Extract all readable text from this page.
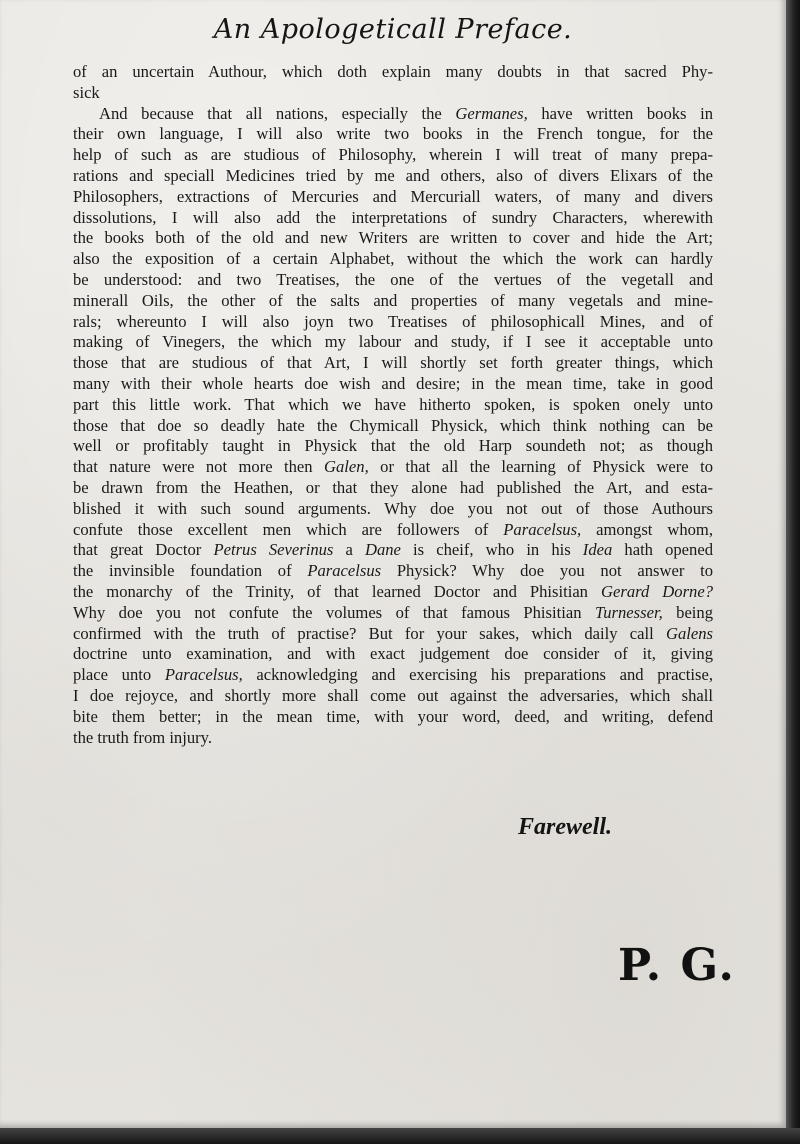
An Apologeticall Preface.
of an uncertain Authour, which doth explain many doubts in that sacred Phy-
sick
And because that all nations, especially the Germanes, have written books in
their own language, I will also write two books in the French tongue, for the
help of such as are studious of Philosophy, wherein I will treat of many prepa-
rations and speciall Medicines tried by me and others, also of divers Elixars of the
Philosophers, extractions of Mercuries and Mercuriall waters, of many and divers
dissolutions, I will also add the interpretations of sundry Characters, wherewith
the books both of the old and new Writers are written to cover and hide the Art;
also the exposition of a certain Alphabet, without the which the work can hardly
be understood: and two Treatises, the one of the vertues of the vegetall and
minerall Oils, the other of the salts and properties of many vegetals and mine-
rals; whereunto I will also joyn two Treatises of philosophicall Mines, and of
making of Vinegers, the which my labour and study, if I see it acceptable unto
those that are studious of that Art, I will shortly set forth greater things, which
many with their whole hearts doe wish and desire; in the mean time, take in good
part this little work. That which we have hitherto spoken, is spoken onely unto
those that doe so deadly hate the Chymicall Physick, which think nothing can be
well or profitably taught in Physick that the old Harp soundeth not; as though
that nature were not more then Galen, or that all the learning of Physick were to
be drawn from the Heathen, or that they alone had published the Art, and esta-
blished it with such sound arguments. Why doe you not out of those Authours
confute those excellent men which are followers of Paracelsus, amongst whom,
that great Doctor Petrus Severinus a Dane is cheif, who in his Idea hath opened
the invinsible foundation of Paracelsus Physick? Why doe you not answer to
the monarchy of the Trinity, of that learned Doctor and Phisitian Gerard Dorne?
Why doe you not confute the volumes of that famous Phisitian Turnesser, being
confirmed with the truth of practise? But for your sakes, which daily call Galens
doctrine unto examination, and with exact judgement doe consider of it, giving
place unto Paracelsus, acknowledging and exercising his preparations and practise,
I doe rejoyce, and shortly more shall come out against the adversaries, which shall
bite them better; in the mean time, with your word, deed, and writing, defend
the truth from injury.
Farewell.
P. G.
